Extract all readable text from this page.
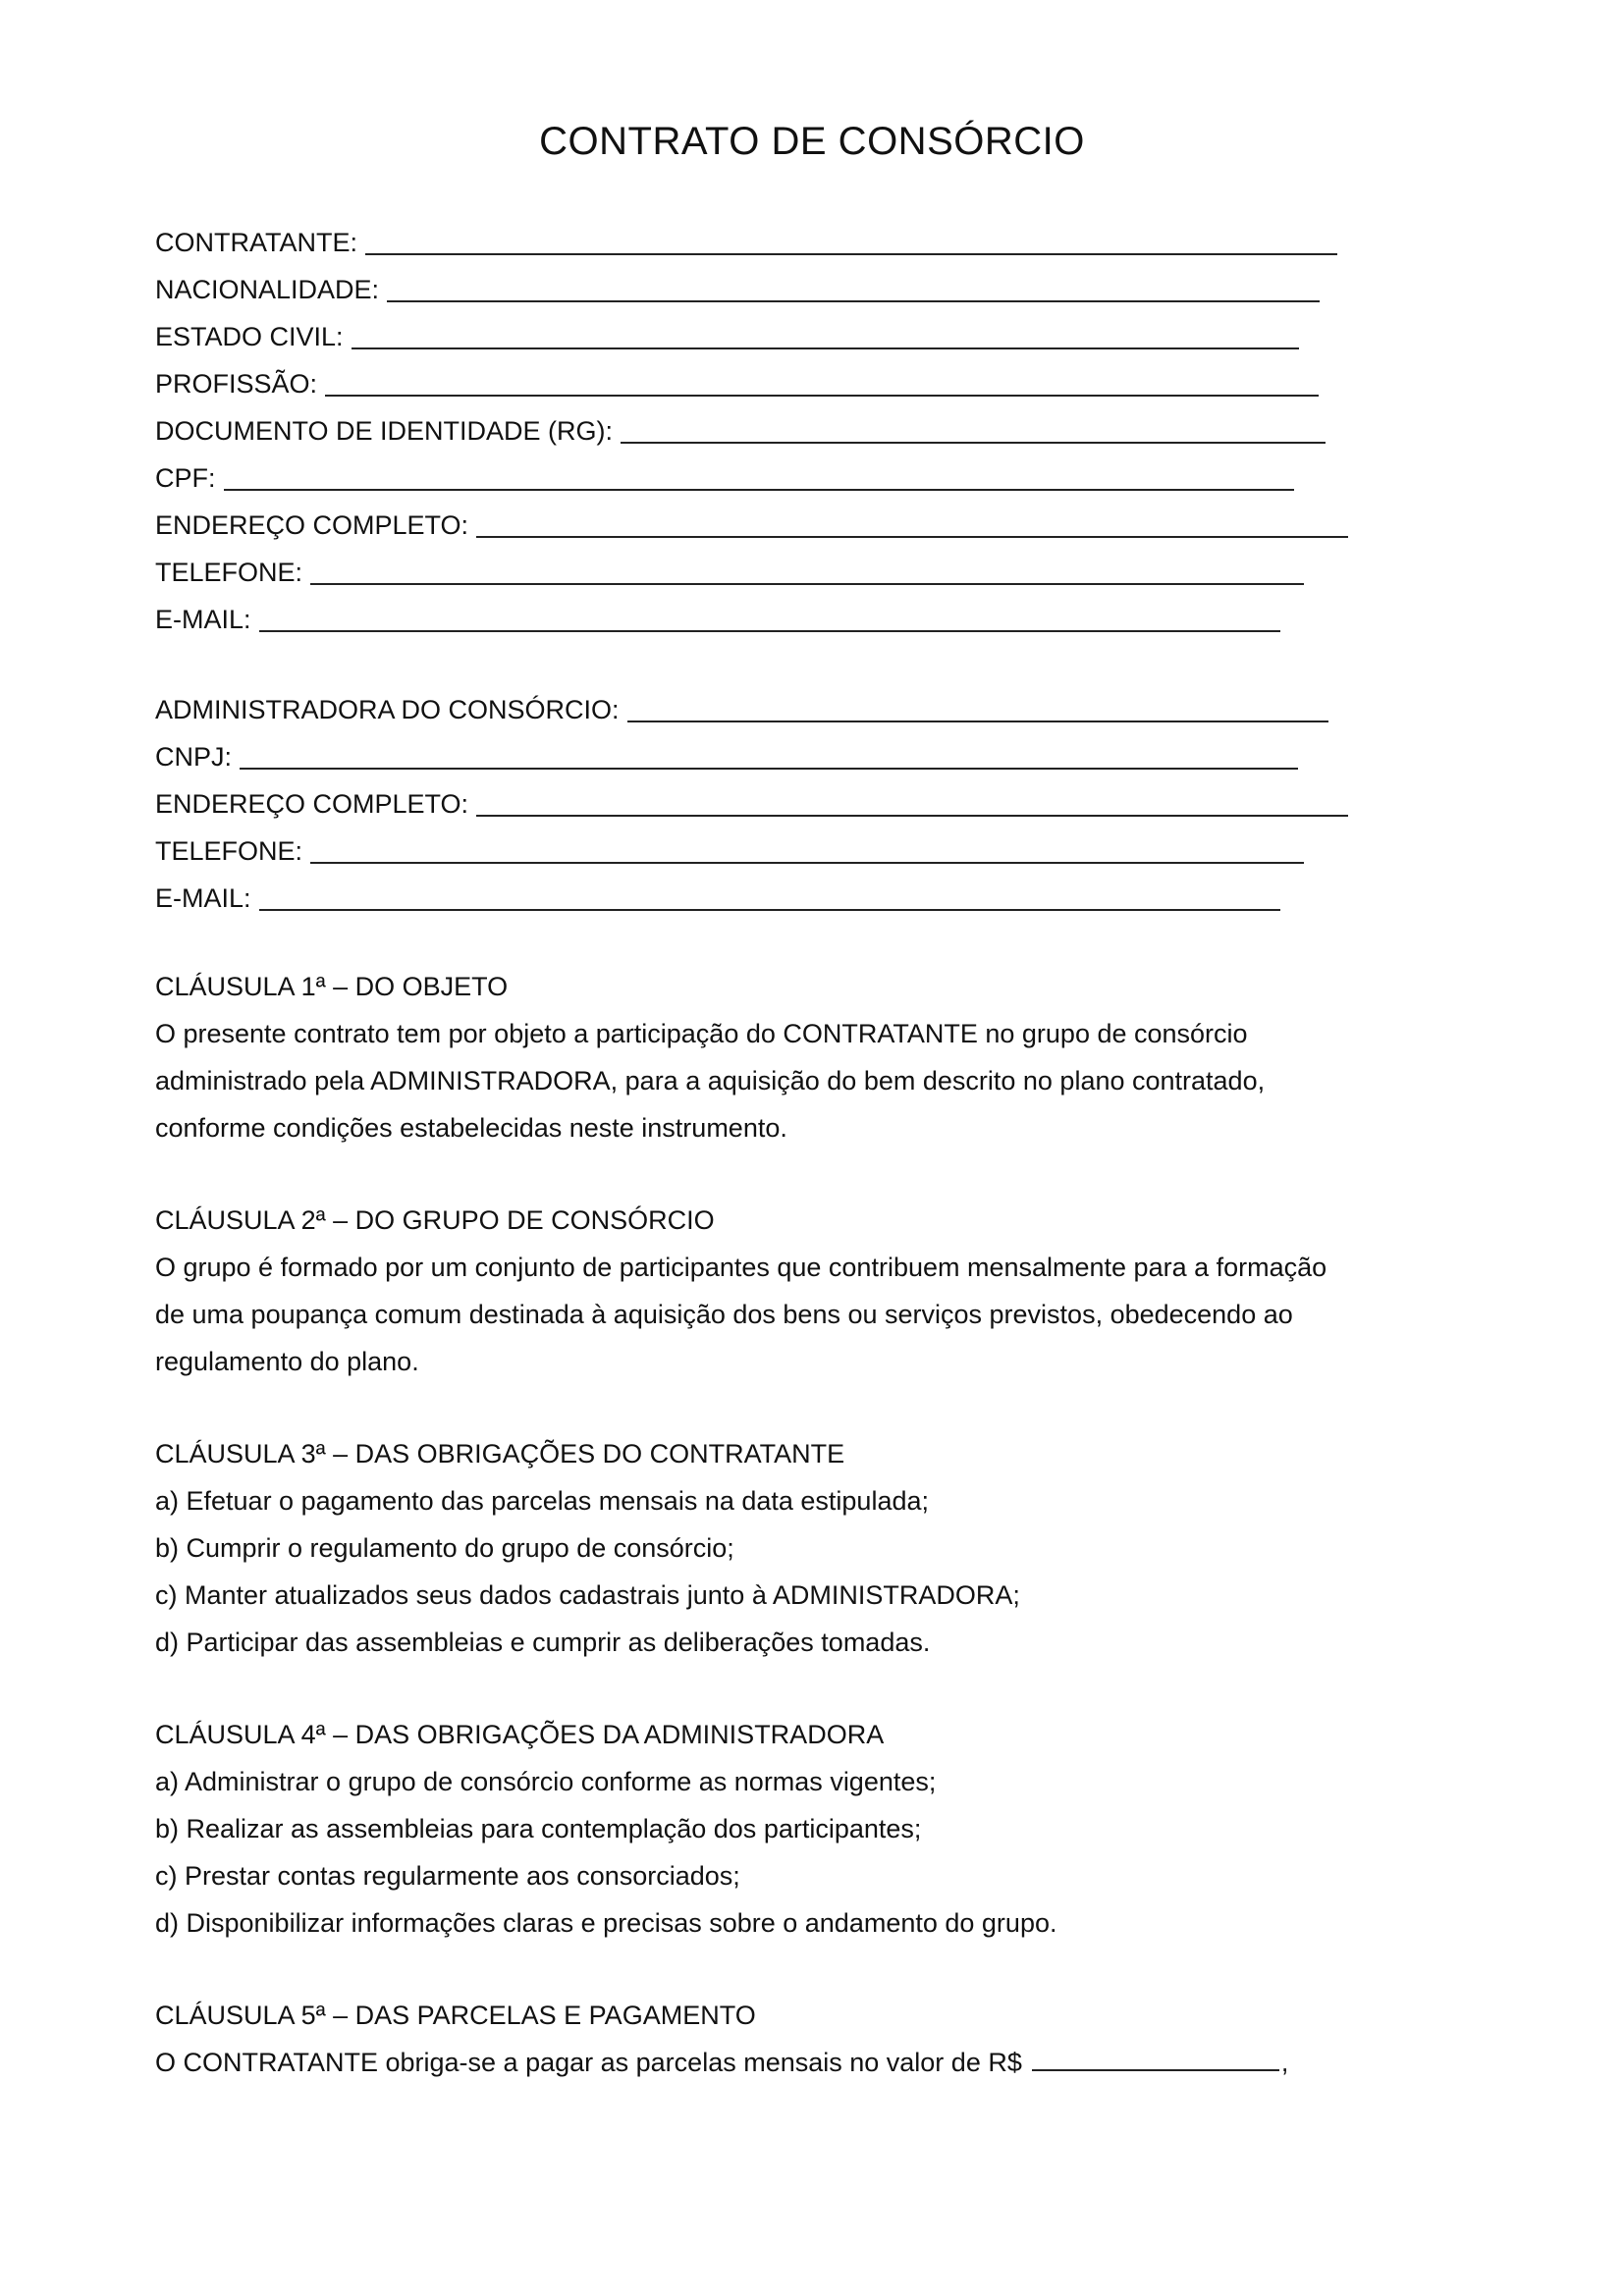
CONTRATO DE CONSÓRCIO
CONTRATANTE:
NACIONALIDADE:
ESTADO CIVIL:
PROFISSÃO:
DOCUMENTO DE IDENTIDADE (RG):
CPF:
ENDEREÇO COMPLETO:
TELEFONE:
E-MAIL:
ADMINISTRADORA DO CONSÓRCIO:
CNPJ:
ENDEREÇO COMPLETO:
TELEFONE:
E-MAIL:

CLÁUSULA 1ª – DO OBJETO

O presente contrato tem por objeto a participação do CONTRATANTE no grupo de consórcio

administrado pela ADMINISTRADORA, para a aquisição do bem descrito no plano contratado,

conforme condições estabelecidas neste instrumento.

CLÁUSULA 2ª – DO GRUPO DE CONSÓRCIO

O grupo é formado por um conjunto de participantes que contribuem mensalmente para a formação

de uma poupança comum destinada à aquisição dos bens ou serviços previstos, obedecendo ao

regulamento do plano.

CLÁUSULA 3ª – DAS OBRIGAÇÕES DO CONTRATANTE

a) Efetuar o pagamento das parcelas mensais na data estipulada;

b) Cumprir o regulamento do grupo de consórcio;

c) Manter atualizados seus dados cadastrais junto à ADMINISTRADORA;

d) Participar das assembleias e cumprir as deliberações tomadas.

CLÁUSULA 4ª – DAS OBRIGAÇÕES DA ADMINISTRADORA

a) Administrar o grupo de consórcio conforme as normas vigentes;

b) Realizar as assembleias para contemplação dos participantes;

c) Prestar contas regularmente aos consorciados;

d) Disponibilizar informações claras e precisas sobre o andamento do grupo.

CLÁUSULA 5ª – DAS PARCELAS E PAGAMENTO

O CONTRATANTE obriga-se a pagar as parcelas mensais no valor de R$	,
